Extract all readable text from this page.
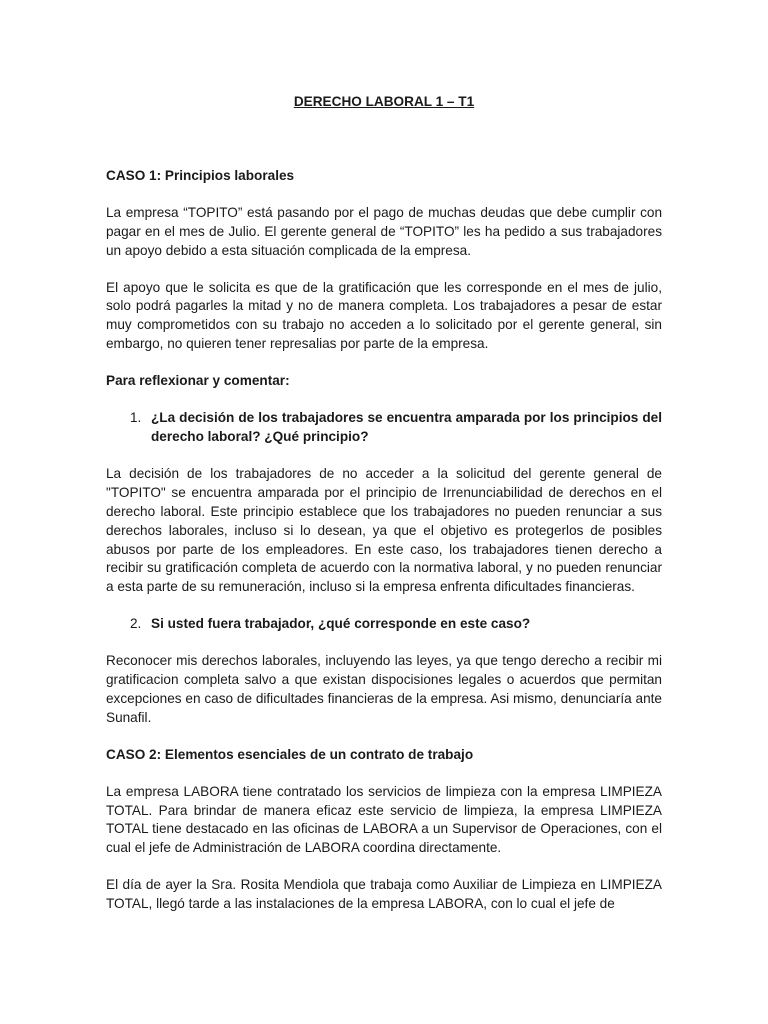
DERECHO LABORAL 1 – T1

CASO 1: Principios laborales

La empresa “TOPITO” está pasando por el pago de muchas deudas que debe cumplir con pagar en el mes de Julio. El gerente general de “TOPITO” les ha pedido a sus trabajadores un apoyo debido a esta situación complicada de la empresa.

El apoyo que le solicita es que de la gratificación que les corresponde en el mes de julio, solo podrá pagarles la mitad y no de manera completa. Los trabajadores a pesar de estar muy comprometidos con su trabajo no acceden a lo solicitado por el gerente general, sin embargo, no quieren tener represalias por parte de la empresa.

Para reflexionar y comentar:

1. ¿La decisión de los trabajadores se encuentra amparada por los principios del derecho laboral? ¿Qué principio?

La decisión de los trabajadores de no acceder a la solicitud del gerente general de "TOPITO" se encuentra amparada por el principio de Irrenunciabilidad de derechos en el derecho laboral. Este principio establece que los trabajadores no pueden renunciar a sus derechos laborales, incluso si lo desean, ya que el objetivo es protegerlos de posibles abusos por parte de los empleadores. En este caso, los trabajadores tienen derecho a recibir su gratificación completa de acuerdo con la normativa laboral, y no pueden renunciar a esta parte de su remuneración, incluso si la empresa enfrenta dificultades financieras.

2. Si usted fuera trabajador, ¿qué corresponde en este caso?

Reconocer mis derechos laborales, incluyendo las leyes, ya que tengo derecho a recibir mi gratificacion completa salvo a que existan dispocisiones legales o acuerdos que permitan excepciones en caso de dificultades financieras de la empresa. Asi mismo, denunciaría ante Sunafil.

CASO 2: Elementos esenciales de un contrato de trabajo

La empresa LABORA tiene contratado los servicios de limpieza con la empresa LIMPIEZA TOTAL. Para brindar de manera eficaz este servicio de limpieza, la empresa LIMPIEZA TOTAL tiene destacado en las oficinas de LABORA a un Supervisor de Operaciones, con el cual el jefe de Administración de LABORA coordina directamente.

El día de ayer la Sra. Rosita Mendiola que trabaja como Auxiliar de Limpieza en LIMPIEZA TOTAL, llegó tarde a las instalaciones de la empresa LABORA, con lo cual el jefe de
